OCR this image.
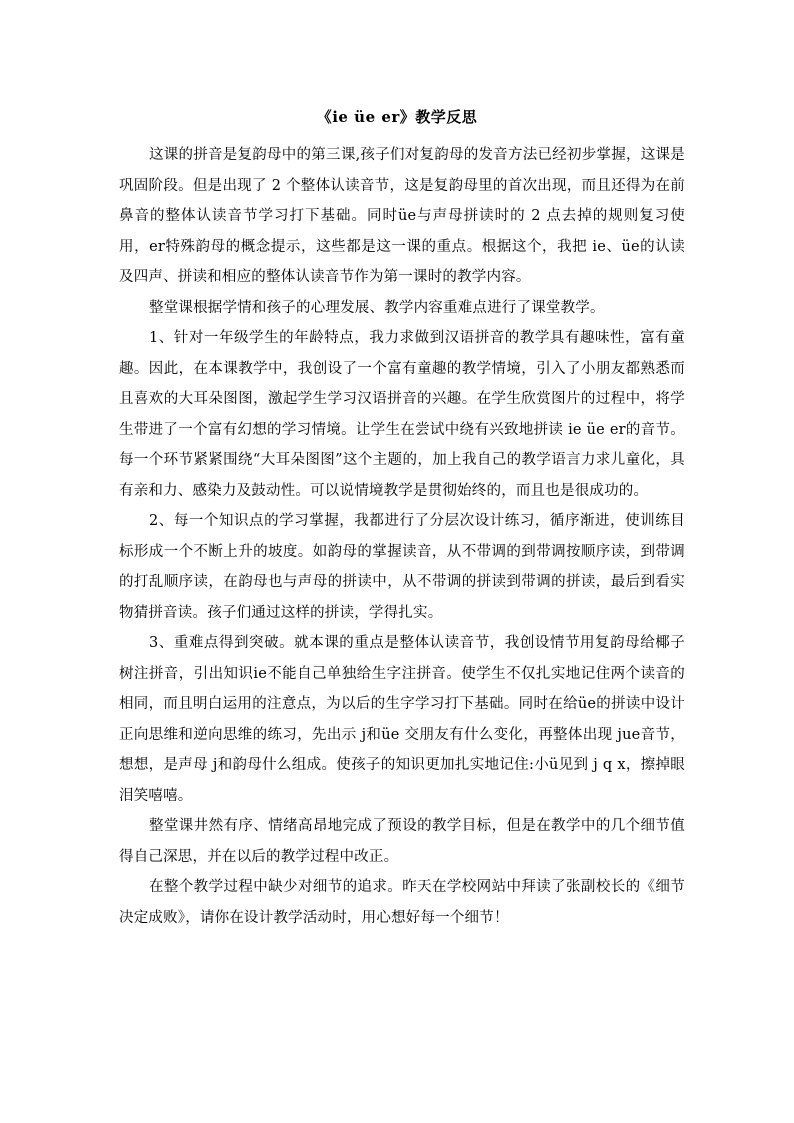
《ie üe er》教学反思

这课的拼音是复韵母中的第三课,孩子们对复韵母的发音方法已经初步掌握，这课是巩固阶段。但是出现了 2 个整体认读音节，这是复韵母里的首次出现，而且还得为在前鼻音的整体认读音节学习打下基础。同时üe与声母拼读时的 2 点去掉的规则复习使用，er特殊韵母的概念提示，这些都是这一课的重点。根据这个，我把 ie、üe的认读及四声、拼读和相应的整体认读音节作为第一课时的教学内容。

整堂课根据学情和孩子的心理发展、教学内容重难点进行了课堂教学。

1、针对一年级学生的年龄特点，我力求做到汉语拼音的教学具有趣味性，富有童趣。因此，在本课教学中，我创设了一个富有童趣的教学情境，引入了小朋友都熟悉而且喜欢的大耳朵图图，激起学生学习汉语拼音的兴趣。在学生欣赏图片的过程中，将学生带进了一个富有幻想的学习情境。让学生在尝试中绕有兴致地拼读 ie üe er的音节。每一个环节紧紧围绕“大耳朵图图”这个主题的，加上我自己的教学语言力求儿童化，具有亲和力、感染力及鼓动性。可以说情境教学是贯彻始终的，而且也是很成功的。

2、每一个知识点的学习掌握，我都进行了分层次设计练习，循序渐进，使训练目标形成一个不断上升的坡度。如韵母的掌握读音，从不带调的到带调按顺序读，到带调的打乱顺序读，在韵母也与声母的拼读中，从不带调的拼读到带调的拼读，最后到看实物猜拼音读。孩子们通过这样的拼读，学得扎实。

3、重难点得到突破。就本课的重点是整体认读音节，我创设情节用复韵母给椰子树注拼音，引出知识ie不能自己单独给生字注拼音。使学生不仅扎实地记住两个读音的相同，而且明白运用的注意点，为以后的生字学习打下基础。同时在给üe的拼读中设计正向思维和逆向思维的练习，先出示 j和üe 交朋友有什么变化，再整体出现 jue音节，想想，是声母 j和韵母什么组成。使孩子的知识更加扎实地记住:小ü见到 j q x，擦掉眼泪笑嘻嘻。

整堂课井然有序、情绪高昂地完成了预设的教学目标，但是在教学中的几个细节值得自己深思，并在以后的教学过程中改正。

在整个教学过程中缺少对细节的追求。昨天在学校网站中拜读了张副校长的《细节决定成败》，请你在设计教学活动时，用心想好每一个细节！
